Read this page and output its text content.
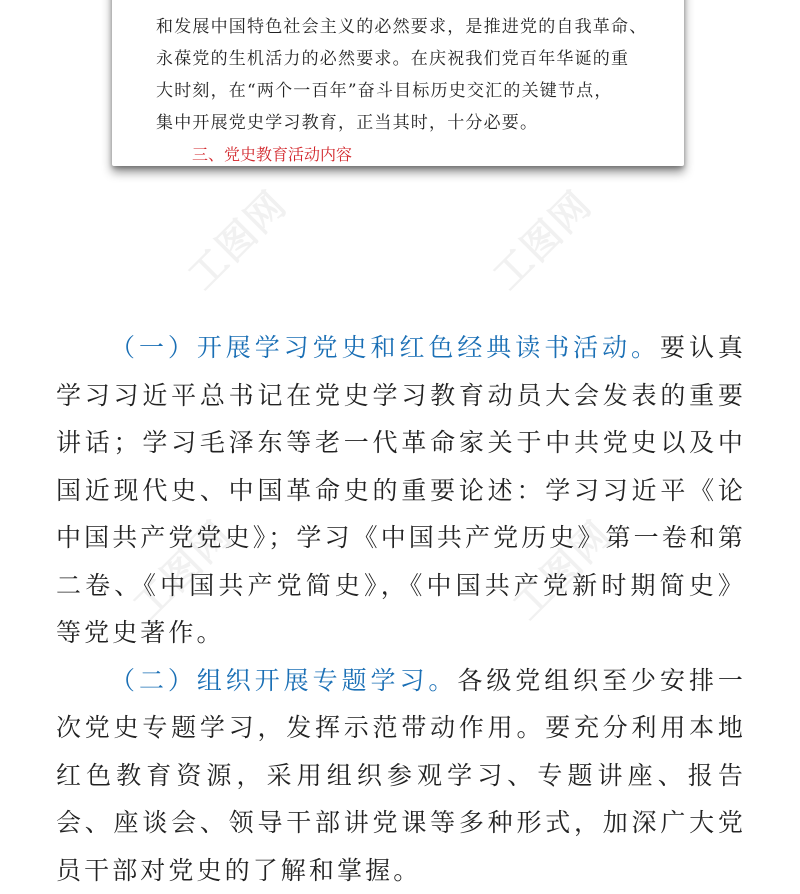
工图网	工图网
工图网	工图网
和发展中国特色社会主义的必然要求，是推进党的自我革命、
永葆党的生机活力的必然要求。在庆祝我们党百年华诞的重
大时刻，在“两个一百年”奋斗目标历史交汇的关键节点，
集中开展党史学习教育，正当其时，十分必要。
三、党史教育活动内容

（一）开展学习党史和红色经典读书活动。要认真学习习近平总书记在党史学习教育动员大会发表的重要讲话；学习毛泽东等老一代革命家关于中共党史以及中国近现代史、中国革命史的重要论述：学习习近平《论中国共产党党史》；学习《中国共产党历史》第一卷和第二卷、《中国共产党简史》，《中国共产党新时期简史》等党史著作。

（二）组织开展专题学习。各级党组织至少安排一次党史专题学习，发挥示范带动作用。要充分利用本地红色教育资源，采用组织参观学习、专题讲座、报告会、座谈会、领导干部讲党课等多种形式，加深广大党员干部对党史的了解和掌握。
